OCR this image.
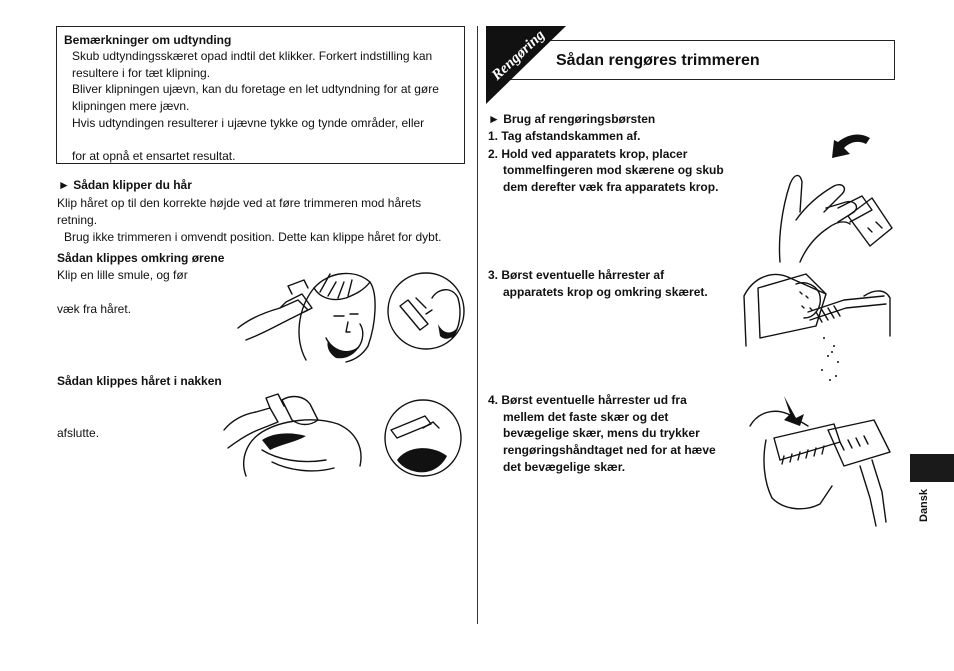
Bemærkninger om udtynding
Skub udtyndingsskæret opad indtil det klikker. Forkert indstilling kan
resultere i for tæt klipning.
Bliver klipningen ujævn, kan du foretage en let udtyndning for at gøre
klipningen mere jævn.
Hvis udtyndingen resulterer i ujævne tykke og tynde områder, eller
for at opnå et ensartet resultat.
► Sådan klipper du hår
Klip håret op til den korrekte højde ved at føre trimmeren mod hårets
retning.
Brug ikke trimmeren i omvendt position. Dette kan klippe håret for dybt.
Sådan klippes omkring ørene
Klip en lille smule, og før
væk fra håret.
Sådan klippes håret i nakken
afslutte.
Rengøring Sådan rengøres trimmeren
► Brug af rengøringsbørsten
1. Tag afstandskammen af.
2. Hold ved apparatets krop, placer
tommelfingeren mod skærene og skub
dem derefter væk fra apparatets krop.
3. Børst eventuelle hårrester af
apparatets krop og omkring skæret.
4. Børst eventuelle hårrester ud fra
mellem det faste skær og det
bevægelige skær, mens du trykker
rengøringshåndtaget ned for at hæve
det bevægelige skær.
Dansk
